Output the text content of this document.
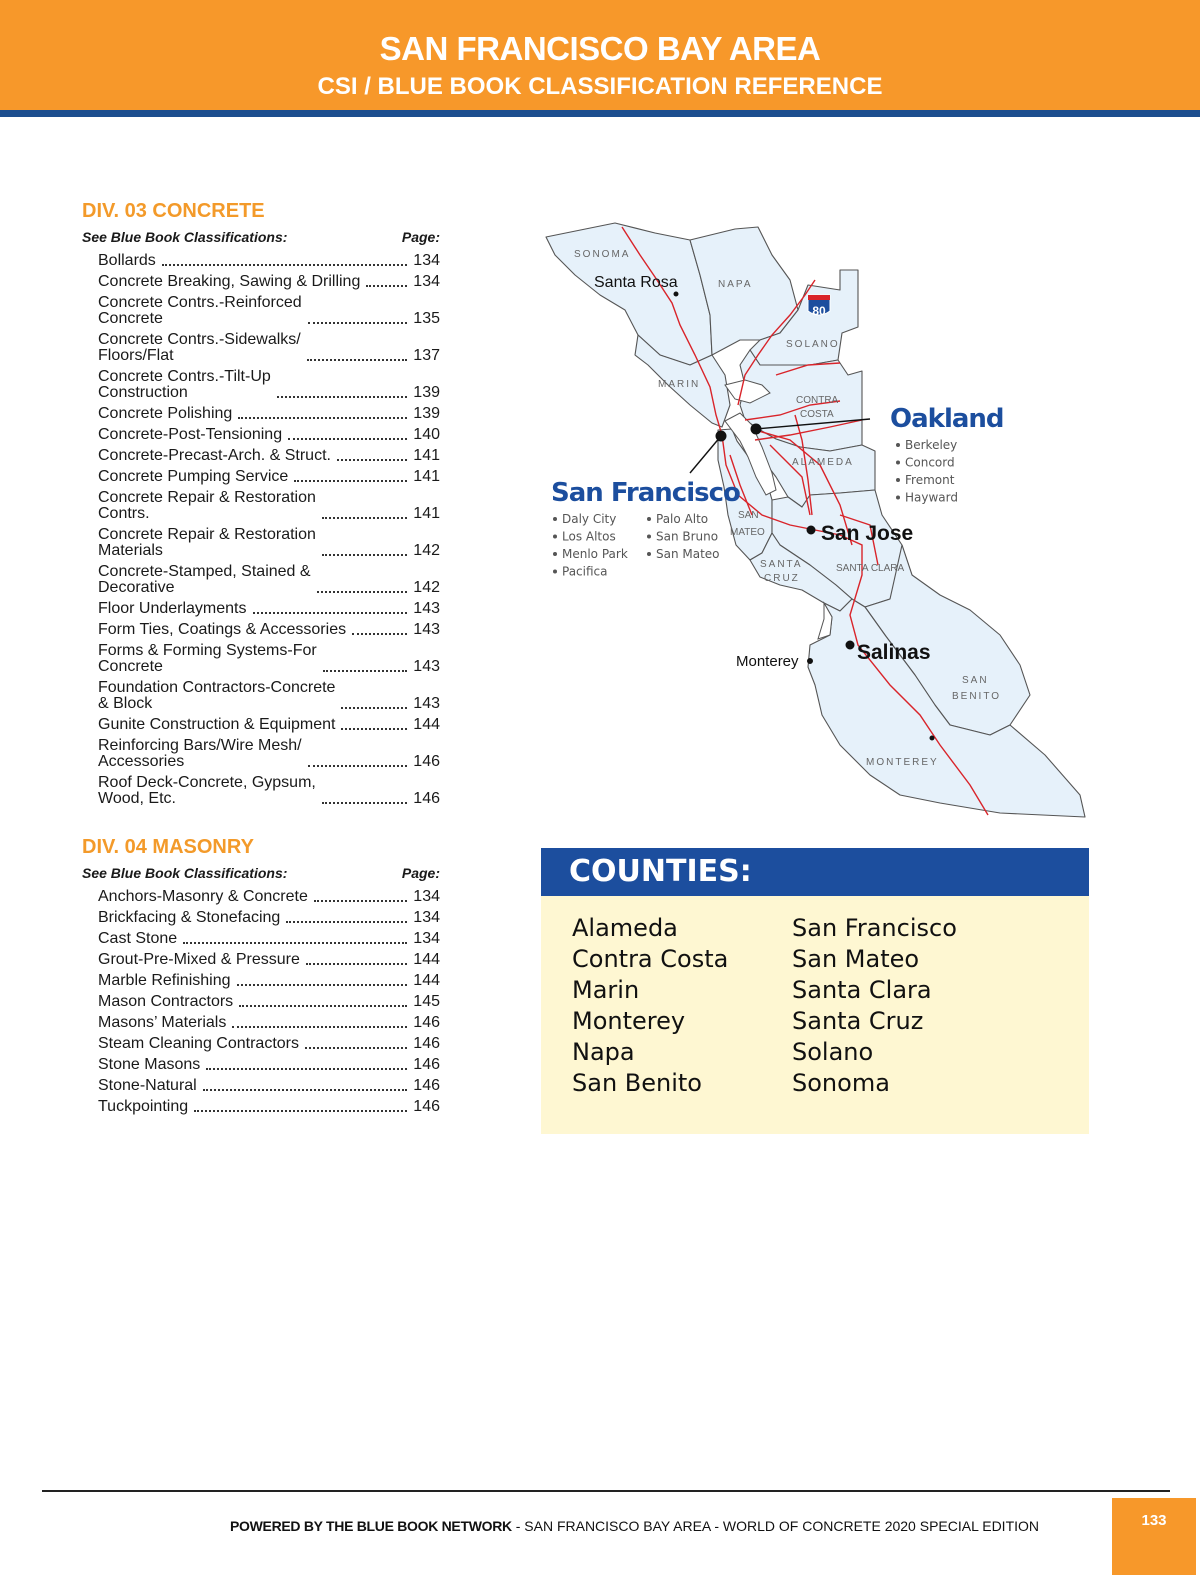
SAN FRANCISCO BAY AREA
CSI / BLUE BOOK CLASSIFICATION REFERENCE
DIV. 03 CONCRETE
See Blue Book Classifications:	Page:
Bollards	134
Concrete Breaking, Sawing & Drilling	134
Concrete Contrs.-Reinforced
Concrete	135
Concrete Contrs.-Sidewalks/
Floors/Flat	137
Concrete Contrs.-Tilt-Up
Construction	139
Concrete Polishing	139
Concrete-Post-Tensioning	140
Concrete-Precast-Arch. & Struct.	141
Concrete Pumping Service	141
Concrete Repair & Restoration
Contrs.	141
Concrete Repair & Restoration
Materials	142
Concrete-Stamped, Stained &
Decorative	142
Floor Underlayments	143
Form Ties, Coatings & Accessories	143
Forms & Forming Systems-For
Concrete	143
Foundation Contractors-Concrete
& Block	143
Gunite Construction & Equipment	144
Reinforcing Bars/Wire Mesh/
Accessories	146
Roof Deck-Concrete, Gypsum,
Wood, Etc.	146
DIV. 04 MASONRY
See Blue Book Classifications:	Page:
Anchors-Masonry & Concrete	134
Brickfacing & Stonefacing	134
Cast Stone	134
Grout-Pre-Mixed & Pressure	144
Marble Refinishing	144
Mason Contractors	145
Masons’ Materials	146
Steam Cleaning Contractors	146
Stone Masons	146
Stone-Natural	146
Tuckpointing	146
80
SONOMA
NAPA
SOLANO
MARIN
CONTRA
COSTA
ALAMEDA
SAN
MATEO
SANTA
CRUZ
SANTA CLARA
SAN
BENITO
MONTEREY
Santa Rosa
Oakland
San Francisco
San Jose
Salinas
Monterey
Berkeley
Concord
Fremont
Hayward
Daly City
Los Altos
Menlo Park
Pacifica
Palo Alto
San Bruno
San Mateo
COUNTIES:
Alameda
Contra Costa
Marin
Monterey
Napa
San Benito
San Francisco
San Mateo
Santa Clara
Santa Cruz
Solano
Sonoma
POWERED BY THE BLUE BOOK NETWORK - SAN FRANCISCO BAY AREA - WORLD OF CONCRETE 2020 SPECIAL EDITION	133
